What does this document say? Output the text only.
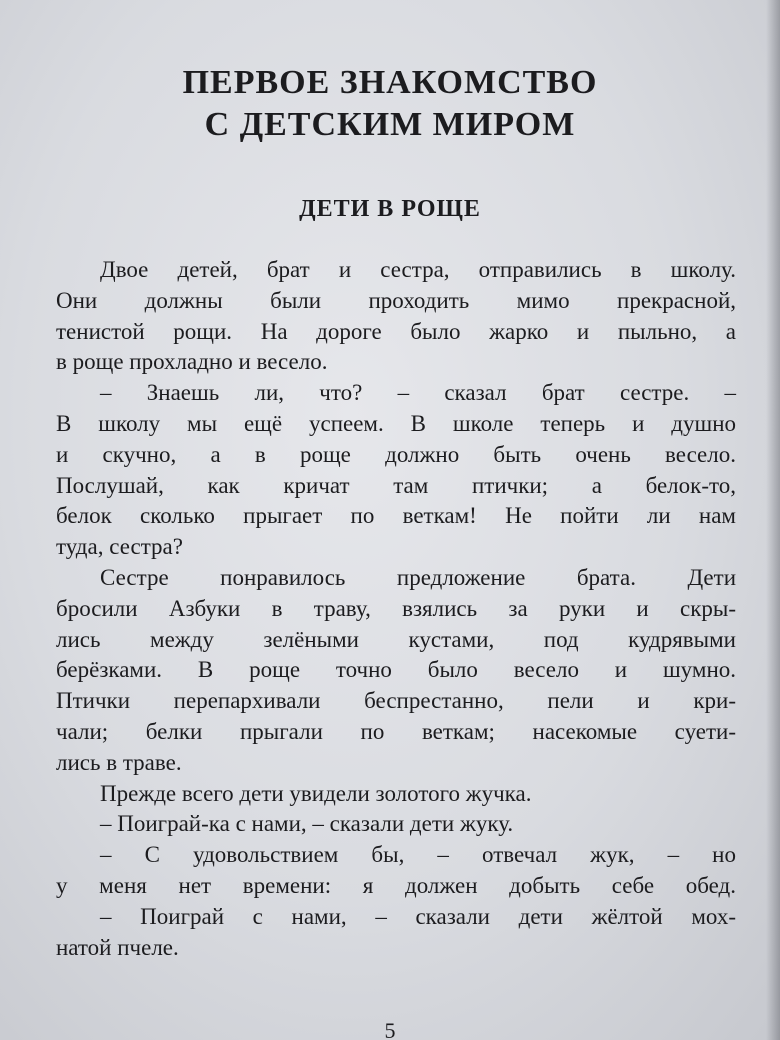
ПЕРВОЕ ЗНАКОМСТВО
С ДЕТСКИМ МИРОМ
ДЕТИ В РОЩЕ
Двое детей, брат и сестра, отправились в школу.
Они должны были проходить мимо прекрасной,
тенистой рощи. На дороге было жарко и пыльно, а
в роще прохладно и весело.
– Знаешь ли, что? – сказал брат сестре. –
В школу мы ещё успеем. В школе теперь и душно
и скучно, а в роще должно быть очень весело.
Послушай, как кричат там птички; а белок-то,
белок сколько прыгает по веткам! Не пойти ли нам
туда, сестра?
Сестре понравилось предложение брата. Дети
бросили Азбуки в траву, взялись за руки и скры-
лись между зелёными кустами, под кудрявыми
берёзками. В роще точно было весело и шумно.
Птички перепархивали беспрестанно, пели и кри-
чали; белки прыгали по веткам; насекомые суети-
лись в траве.
Прежде всего дети увидели золотого жучка.
– Поиграй-ка с нами, – сказали дети жуку.
– С удовольствием бы, – отвечал жук, – но
у меня нет времени: я должен добыть себе обед.
– Поиграй с нами, – сказали дети жёлтой мох-
натой пчеле.
5
